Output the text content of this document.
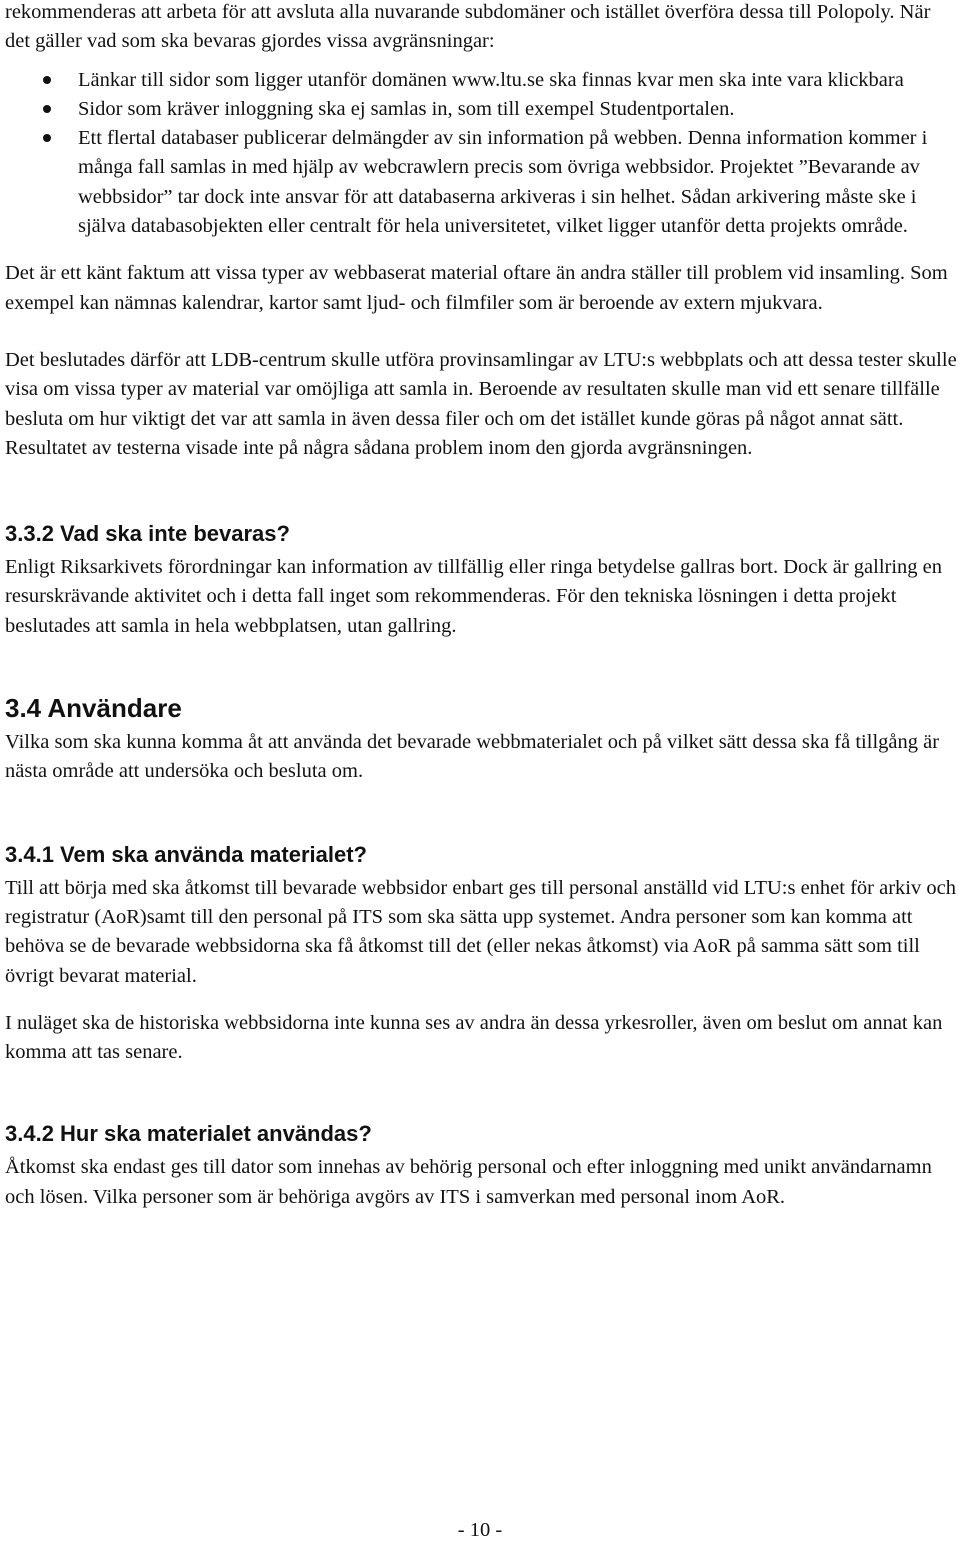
rekommenderas att arbeta för att avsluta alla nuvarande subdomäner och istället överföra dessa till Polopoly. När det gäller vad som ska bevaras gjordes vissa avgränsningar:

Länkar till sidor som ligger utanför domänen www.ltu.se ska finnas kvar men ska inte vara klickbara
Sidor som kräver inloggning ska ej samlas in, som till exempel Studentportalen.
Ett flertal databaser publicerar delmängder av sin information på webben. Denna information kommer i många fall samlas in med hjälp av webcrawlern precis som övriga webbsidor. Projektet ”Bevarande av webbsidor” tar dock inte ansvar för att databaserna arkiveras i sin helhet. Sådan arkivering måste ske i själva databasobjekten eller centralt för hela universitetet, vilket ligger utanför detta projekts område.

Det är ett känt faktum att vissa typer av webbaserat material oftare än andra ställer till problem vid insamling. Som exempel kan nämnas kalendrar, kartor samt ljud- och filmfiler som är beroende av extern mjukvara.

Det beslutades därför att LDB-centrum skulle utföra provinsamlingar av LTU:s webbplats och att dessa tester skulle visa om vissa typer av material var omöjliga att samla in. Beroende av resultaten skulle man vid ett senare tillfälle besluta om hur viktigt det var att samla in även dessa filer och om det istället kunde göras på något annat sätt. Resultatet av testerna visade inte på några sådana problem inom den gjorda avgränsningen.

3.3.2 Vad ska inte bevaras?

Enligt Riksarkivets förordningar kan information av tillfällig eller ringa betydelse gallras bort. Dock är gallring en resurskrävande aktivitet och i detta fall inget som rekommenderas. För den tekniska lösningen i detta projekt beslutades att samla in hela webbplatsen, utan gallring.

3.4 Användare

Vilka som ska kunna komma åt att använda det bevarade webbmaterialet och på vilket sätt dessa ska få tillgång är nästa område att undersöka och besluta om.

3.4.1 Vem ska använda materialet?

Till att börja med ska åtkomst till bevarade webbsidor enbart ges till personal anställd vid LTU:s enhet för arkiv och registratur (AoR)samt till den personal på ITS som ska sätta upp systemet. Andra personer som kan komma att behöva se de bevarade webbsidorna ska få åtkomst till det (eller nekas åtkomst) via AoR på samma sätt som till övrigt bevarat material.

I nuläget ska de historiska webbsidorna inte kunna ses av andra än dessa yrkesroller, även om beslut om annat kan komma att tas senare.

3.4.2 Hur ska materialet användas?

Åtkomst ska endast ges till dator som innehas av behörig personal och efter inloggning med unikt användarnamn och lösen. Vilka personer som är behöriga avgörs av ITS i samverkan med personal inom AoR.

- 10 -
